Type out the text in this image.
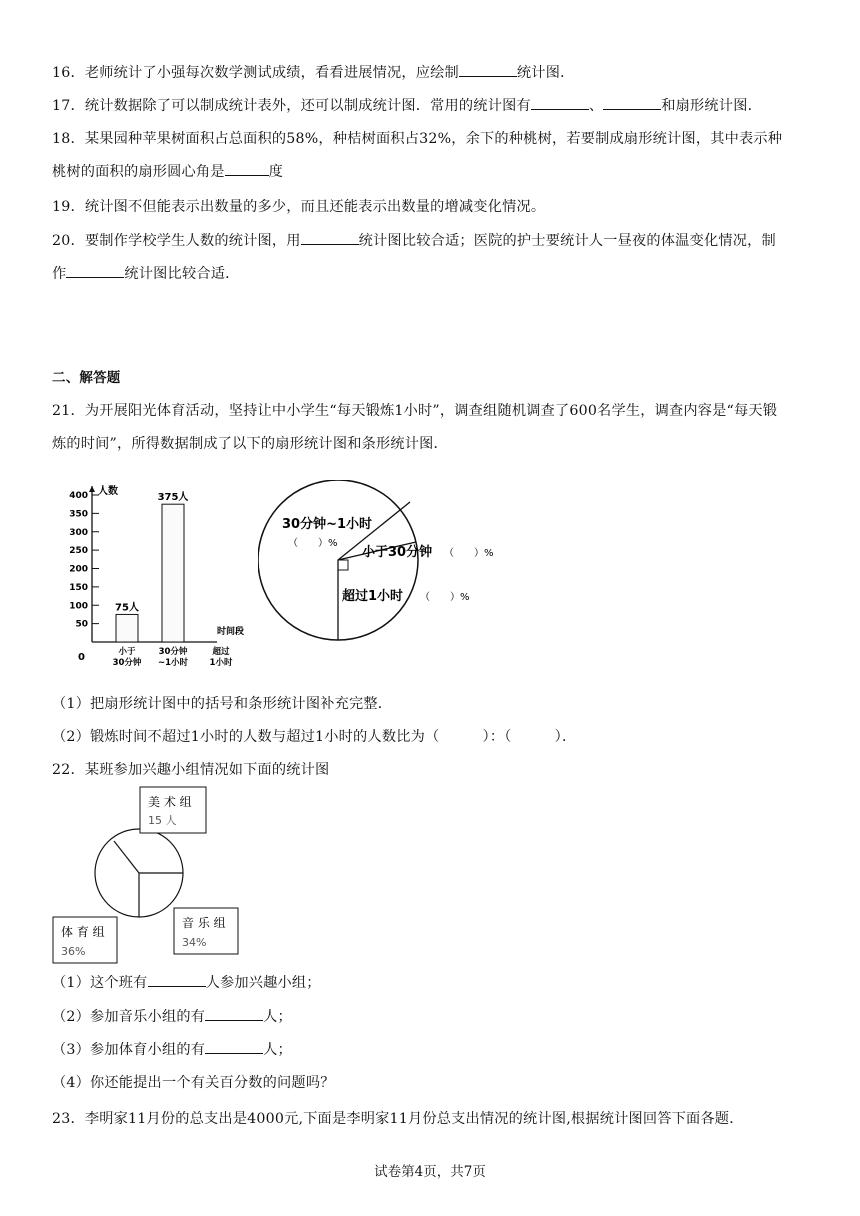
16．老师统计了小强每次数学测试成绩，看看进展情况，应绘制	统计图．
17．统计数据除了可以制成统计表外，还可以制成统计图．常用的统计图有	、	和扇形统计图．
18．某果园种苹果树面积占总面积的58%，种桔树面积占32%，余下的种桃树，若要制成扇形统计图，其中表示种
桃树的面积的扇形圆心角是	度
19．统计图不但能表示出数量的多少，而且还能表示出数量的增减变化情况。
20．要制作学校学生人数的统计图，用	统计图比较合适；医院的护士要统计人一昼夜的体温变化情况，制
作	统计图比较合适．
二、解答题
21．为开展阳光体育活动，坚持让中小学生“每天锻炼1小时”，调查组随机调查了600名学生，调查内容是“每天锻
炼的时间”，所得数据制成了以下的扇形统计图和条形统计图．
人数
时间段
0
50
100
150
200
250
300
350
400
75人
小于
30分钟
375人
30分钟
~1小时
超过
1小时
30分钟~1小时
（　　）%
小于30分钟 （　　）%
超过1小时 （　　）%
（1）把扇形统计图中的括号和条形统计图补充完整．
（2）锻炼时间不超过1小时的人数与超过1小时的人数比为（　　　）：（　　　）．
22．某班参加兴趣小组情况如下面的统计图
美 术 组
15 人
音 乐 组
34%
体 育 组
36%
（1）这个班有	人参加兴趣小组；
（2）参加音乐小组的有	人；
（3）参加体育小组的有	人；
（4）你还能提出一个有关百分数的问题吗？
23．李明家11月份的总支出是4000元,下面是李明家11月份总支出情况的统计图,根据统计图回答下面各题．
试卷第4页，共7页
